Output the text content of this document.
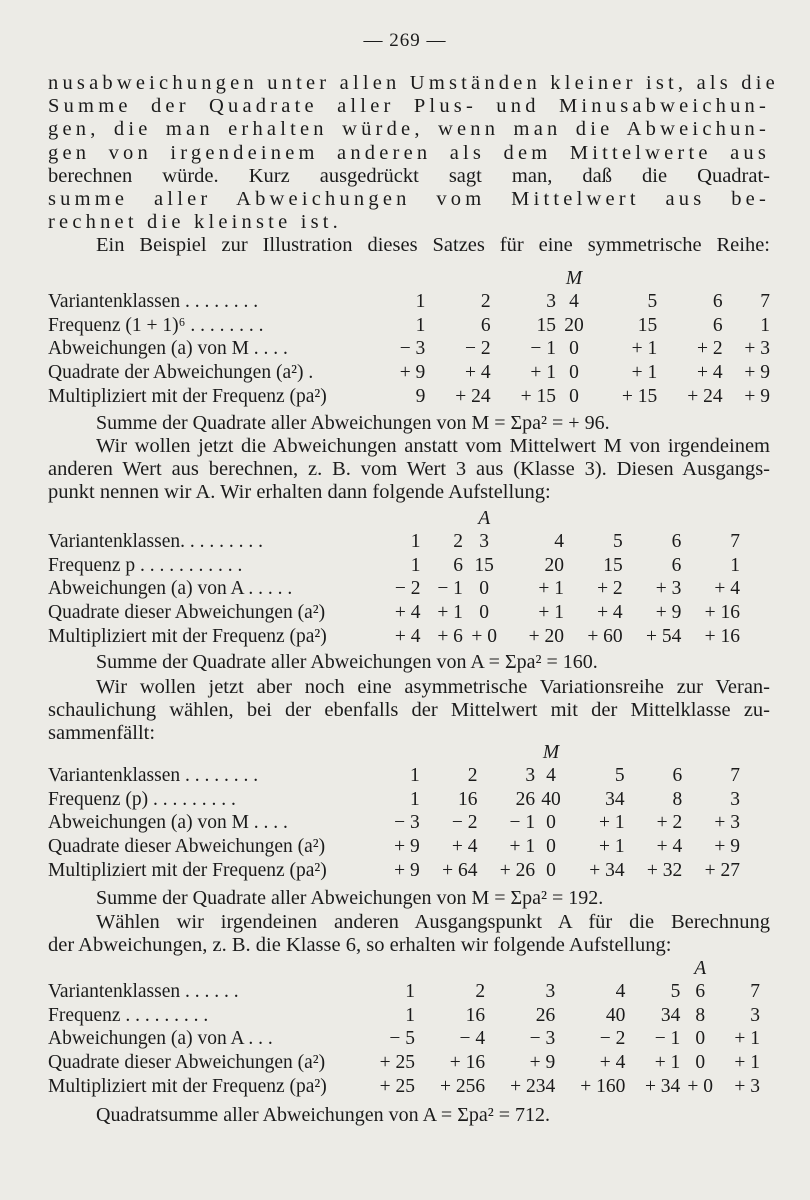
— 269 —
nusabweichungen unter allen Umständen kleiner ist, als die
Summe der Quadrate aller Plus- und Minusabweichun-
gen, die man erhalten würde, wenn man die Abweichun-
gen von irgendeinem anderen als dem Mittelwerte aus
berechnen würde. Kurz ausgedrückt sagt man, daß die Quadrat-
summe aller Abweichungen vom Mittelwert aus be-
rechnet die kleinste ist.
Ein Beispiel zur Illustration dieses Satzes für eine symmetrische Reihe:
				M			
Variantenklassen . . . . . . . .	1	2	3	4	5	6	7
Frequenz (1 + 1)⁶ . . . . . . . .	1	6	15	20	15	6	1
Abweichungen (a) von M . . . .	− 3	− 2	− 1	0	+ 1	+ 2	+ 3
Quadrate der Abweichungen (a²) .	+ 9	+ 4	+ 1	0	+ 1	+ 4	+ 9
Multipliziert mit der Frequenz (pa²)	9	+ 24	+ 15	0	+ 15	+ 24	+ 9
Summe der Quadrate aller Abweichungen von M = Σpa² = + 96.
Wir wollen jetzt die Abweichungen anstatt vom Mittelwert M von irgendeinem
anderen Wert aus berechnen, z. B. vom Wert 3 aus (Klasse 3). Diesen Ausgangs-
punkt nennen wir A. Wir erhalten dann folgende Aufstellung:
			A				
Variantenklassen. . . . . . . . .	1	2	3	4	5	6	7
Frequenz p . . . . . . . . . . .	1	6	15	20	15	6	1
Abweichungen (a) von A . . . . .	− 2	− 1	0	+ 1	+ 2	+ 3	+ 4
Quadrate dieser Abweichungen (a²)	+ 4	+ 1	0	+ 1	+ 4	+ 9	+ 16
Multipliziert mit der Frequenz (pa²)	+ 4	+ 6	+ 0	+ 20	+ 60	+ 54	+ 16
Summe der Quadrate aller Abweichungen von A = Σpa² = 160.
Wir wollen jetzt aber noch eine asymmetrische Variationsreihe zur Veran-
schaulichung wählen, bei der ebenfalls der Mittelwert mit der Mittelklasse zu-
sammenfällt:
				M			
Variantenklassen . . . . . . . .	1	2	3	4	5	6	7
Frequenz (p) . . . . . . . . .	1	16	26	40	34	8	3
Abweichungen (a) von M . . . .	− 3	− 2	− 1	0	+ 1	+ 2	+ 3
Quadrate dieser Abweichungen (a²)	+ 9	+ 4	+ 1	0	+ 1	+ 4	+ 9
Multipliziert mit der Frequenz (pa²)	+ 9	+ 64	+ 26	0	+ 34	+ 32	+ 27
Summe der Quadrate aller Abweichungen von M = Σpa² = 192.
Wählen wir irgendeinen anderen Ausgangspunkt A für die Berechnung
der Abweichungen, z. B. die Klasse 6, so erhalten wir folgende Aufstellung:
						A	
Variantenklassen . . . . . .	1	2	3	4	5	6	7
Frequenz . . . . . . . . .	1	16	26	40	34	8	3
Abweichungen (a) von A . . .	− 5	− 4	− 3	− 2	− 1	0	+ 1
Quadrate dieser Abweichungen (a²)	+ 25	+ 16	+ 9	+ 4	+ 1	0	+ 1
Multipliziert mit der Frequenz (pa²)	+ 25	+ 256	+ 234	+ 160	+ 34	+ 0	+ 3
Quadratsumme aller Abweichungen von A = Σpa² = 712.
